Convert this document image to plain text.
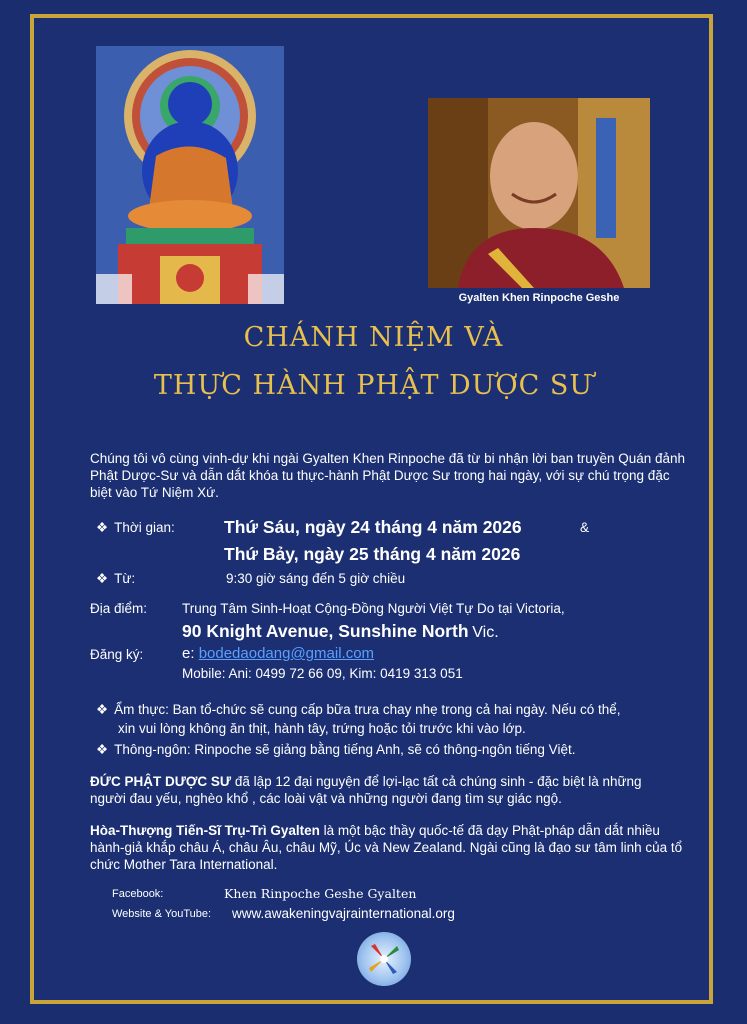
Gyalten Khen Rinpoche Geshe
CHÁNH NIỆM VÀ
THỰC HÀNH PHẬT DƯỢC SƯ
Chúng tôi vô cùng vinh-dự khi ngài Gyalten Khen Rinpoche đã từ bi nhận lời ban truyền Quán đảnh Phật Dược-Sư và dẫn dắt khóa tu thực-hành Phật Dược Sư trong hai ngày, với sự chú trọng đặc biệt vào Tứ Niệm Xứ.
❖ Thời gian:	Thứ Sáu, ngày 24 tháng 4 năm 2026	&
Thứ Bảy, ngày 25 tháng 4 năm 2026
❖ Từ:	9:30 giờ sáng đến 5 giờ chiều
Địa điểm:	Trung Tâm Sinh-Hoạt Cộng-Đồng Người Việt Tự Do tại Victoria,
90 Knight Avenue, Sunshine North Vic.
Đăng ký:	e: bodedaodang@gmail.com
Mobile: Ani: 0499 72 66 09, Kim: 0419 313 051
❖ Ẩm thực: Ban tổ-chức sẽ cung cấp bữa trưa chay nhẹ trong cả hai ngày. Nếu có thể,
xin vui lòng không ăn thịt, hành tây, trứng hoặc tỏi trước khi vào lớp.
❖ Thông-ngôn: Rinpoche sẽ giảng bằng tiếng Anh, sẽ có thông-ngôn tiếng Việt.
ĐỨC PHẬT DƯỢC SƯ đã lập 12 đại nguyện để lợi-lạc tất cả chúng sinh - đặc biệt là những người đau yếu, nghèo khổ , các loài vật và những người đang tìm sự giác ngộ.
Hòa-Thượng Tiến-Sĩ Trụ-Trì Gyalten là một bậc thầy quốc-tế đã dạy Phật-pháp dẫn dắt nhiều hành-giả khắp châu Á, châu Âu, châu Mỹ, Úc và New Zealand. Ngài cũng là đạo sư tâm linh của tổ chức Mother Tara International.
Facebook:	Khen Rinpoche Geshe Gyalten
Website & YouTube: www.awakeningvajrainternational.org
